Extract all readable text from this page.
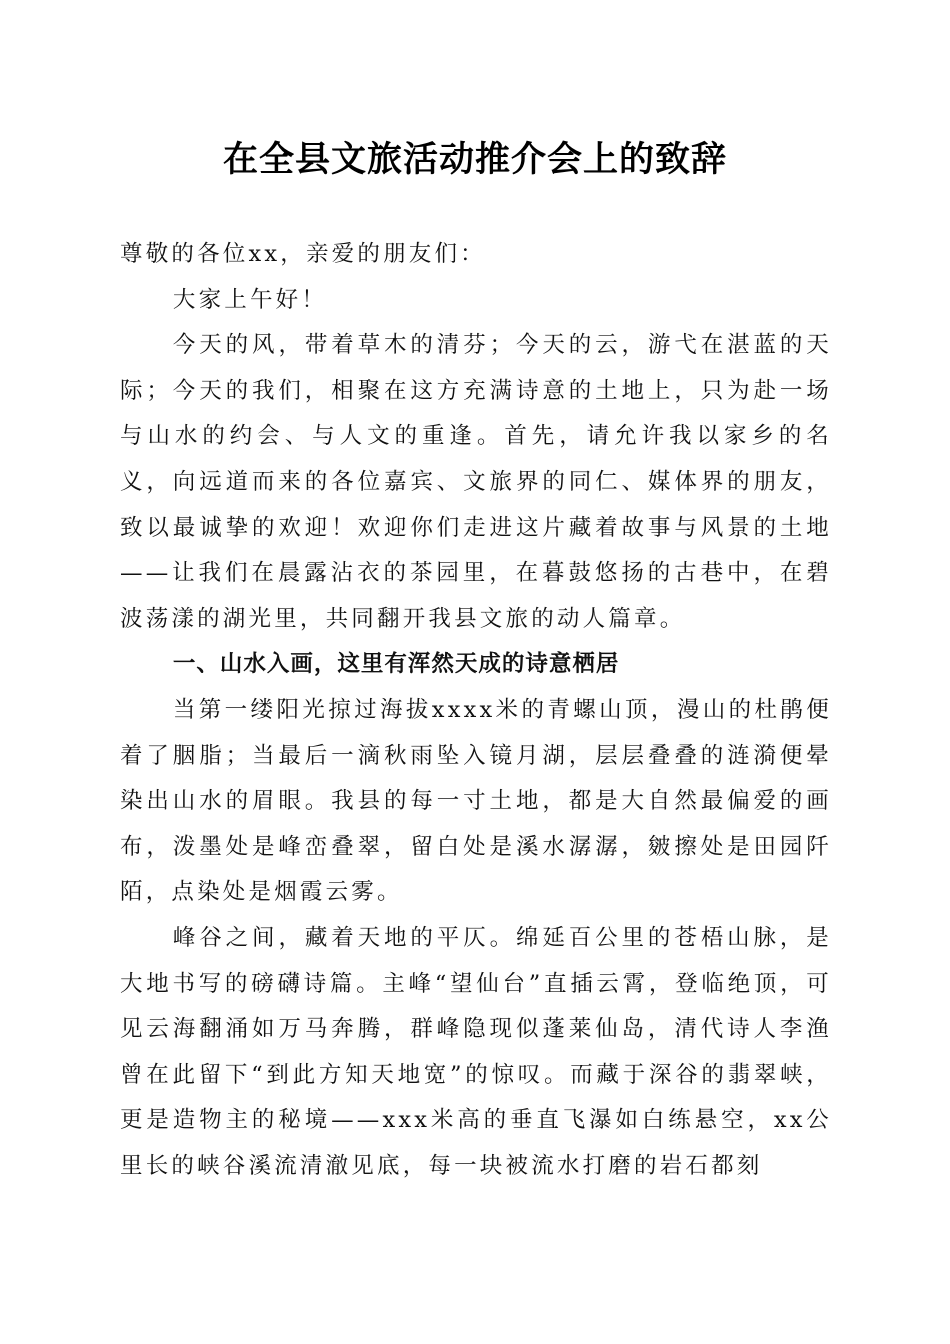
在全县文旅活动推介会上的致辞

尊敬的各位xx，亲爱的朋友们：

大家上午好！

今天的风，带着草木的清芬；今天的云，游弋在湛蓝的天际；今天的我们，相聚在这方充满诗意的土地上，只为赴一场与山水的约会、与人文的重逢。首先，请允许我以家乡的名义，向远道而来的各位嘉宾、文旅界的同仁、媒体界的朋友，致以最诚挚的欢迎！欢迎你们走进这片藏着故事与风景的土地——让我们在晨露沾衣的茶园里，在暮鼓悠扬的古巷中，在碧波荡漾的湖光里，共同翻开我县文旅的动人篇章。

一、山水入画，这里有浑然天成的诗意栖居

当第一缕阳光掠过海拔xxxx米的青螺山顶，漫山的杜鹃便着了胭脂；当最后一滴秋雨坠入镜月湖，层层叠叠的涟漪便晕染出山水的眉眼。我县的每一寸土地，都是大自然最偏爱的画布，泼墨处是峰峦叠翠，留白处是溪水潺潺，皴擦处是田园阡陌，点染处是烟霞云雾。

峰谷之间，藏着天地的平仄。绵延百公里的苍梧山脉，是大地书写的磅礴诗篇。主峰“望仙台”直插云霄，登临绝顶，可见云海翻涌如万马奔腾，群峰隐现似蓬莱仙岛，清代诗人李渔曾在此留下“到此方知天地宽”的惊叹。而藏于深谷的翡翠峡，更是造物主的秘境——xxx米高的垂直飞瀑如白练悬空，xx公里长的峡谷溪流清澈见底，每一块被流水打磨的岩石都刻
